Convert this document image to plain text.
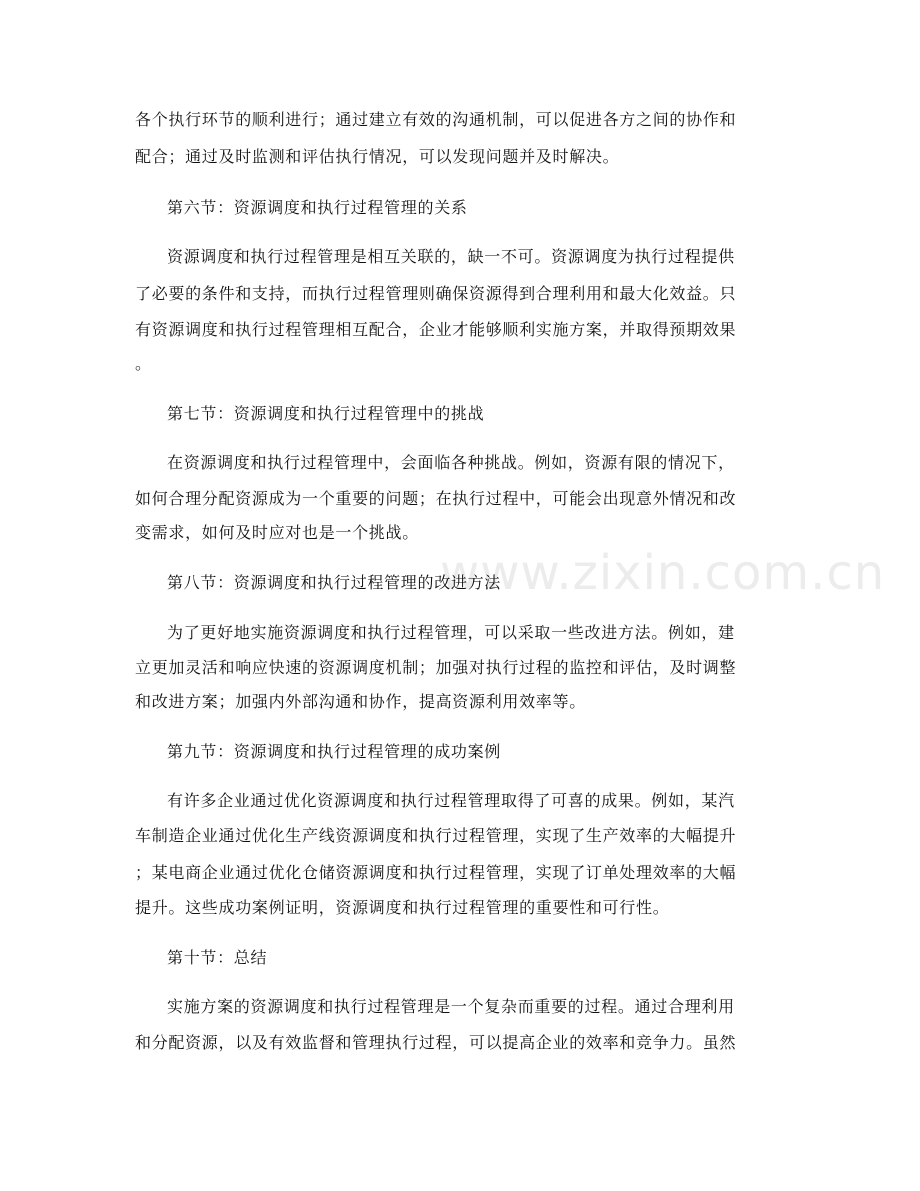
www.zixin.com.cn
各个执行环节的顺利进行；通过建立有效的沟通机制，可以促进各方之间的协作和
配合；通过及时监测和评估执行情况，可以发现问题并及时解决。
第六节：资源调度和执行过程管理的关系
资源调度和执行过程管理是相互关联的，缺一不可。资源调度为执行过程提供
了必要的条件和支持，而执行过程管理则确保资源得到合理利用和最大化效益。只
有资源调度和执行过程管理相互配合，企业才能够顺利实施方案，并取得预期效果
。
第七节：资源调度和执行过程管理中的挑战
在资源调度和执行过程管理中，会面临各种挑战。例如，资源有限的情况下，
如何合理分配资源成为一个重要的问题；在执行过程中，可能会出现意外情况和改
变需求，如何及时应对也是一个挑战。
第八节：资源调度和执行过程管理的改进方法
为了更好地实施资源调度和执行过程管理，可以采取一些改进方法。例如，建
立更加灵活和响应快速的资源调度机制；加强对执行过程的监控和评估，及时调整
和改进方案；加强内外部沟通和协作，提高资源利用效率等。
第九节：资源调度和执行过程管理的成功案例
有许多企业通过优化资源调度和执行过程管理取得了可喜的成果。例如，某汽
车制造企业通过优化生产线资源调度和执行过程管理，实现了生产效率的大幅提升
；某电商企业通过优化仓储资源调度和执行过程管理，实现了订单处理效率的大幅
提升。这些成功案例证明，资源调度和执行过程管理的重要性和可行性。
第十节：总结
实施方案的资源调度和执行过程管理是一个复杂而重要的过程。通过合理利用
和分配资源，以及有效监督和管理执行过程，可以提高企业的效率和竞争力。虽然
